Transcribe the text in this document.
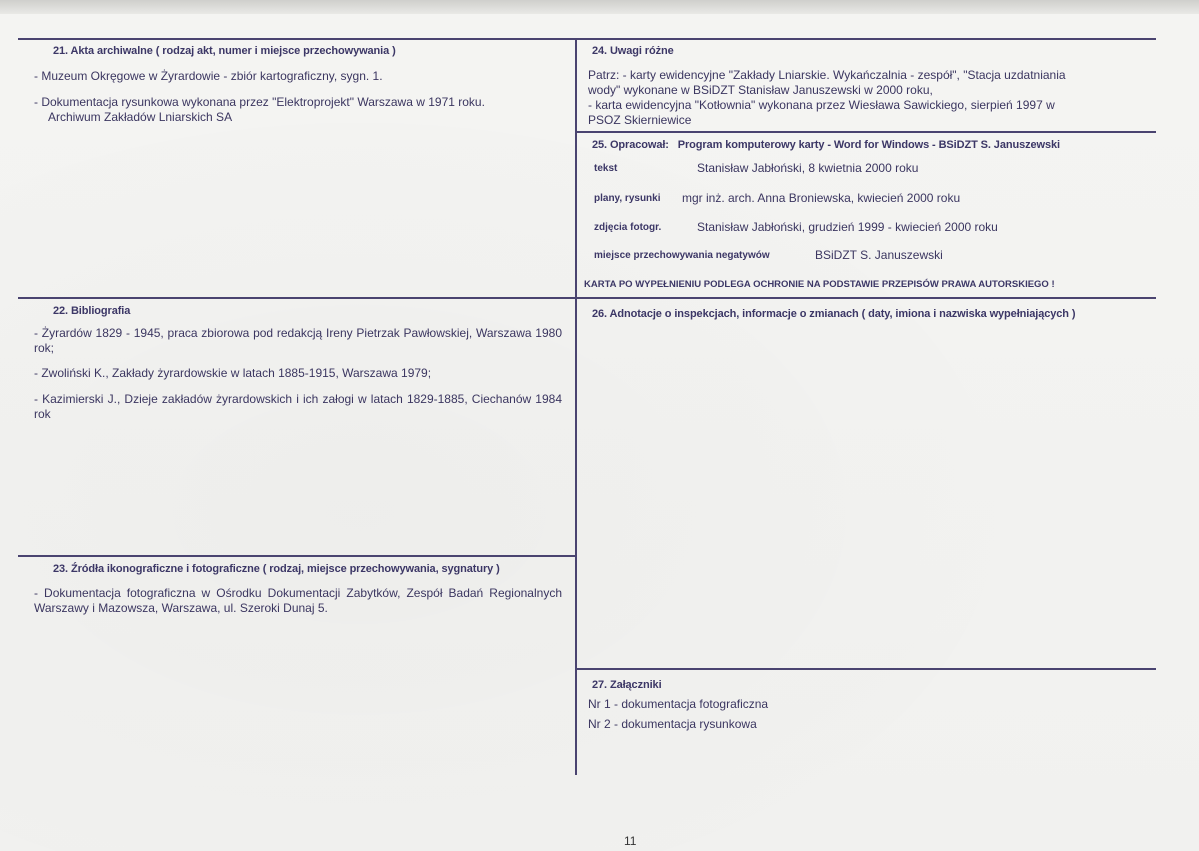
21. Akta archiwalne ( rodzaj akt, numer i miejsce przechowywania )
- Muzeum Okręgowe w Żyrardowie - zbiór kartograficzny, sygn. 1.
- Dokumentacja rysunkowa wykonana przez "Elektroprojekt" Warszawa w 1971 roku.
Archiwum Zakładów Lniarskich SA
22. Bibliografia
- Żyrardów 1829 - 1945, praca zbiorowa pod redakcją Ireny Pietrzak Pawłowskiej, Warszawa 1980 rok;
- Zwoliński K., Zakłady żyrardowskie w latach 1885-1915, Warszawa 1979;
- Kazimierski J., Dzieje zakładów żyrardowskich i ich załogi w latach 1829-1885, Ciechanów 1984 rok
23. Źródła ikonograficzne i fotograficzne ( rodzaj, miejsce przechowywania, sygnatury )
- Dokumentacja fotograficzna w Ośrodku Dokumentacji Zabytków, Zespół Badań Regionalnych Warszawy i Mazowsza, Warszawa, ul. Szeroki Dunaj 5.
24. Uwagi różne
Patrz: - karty ewidencyjne "Zakłady Lniarskie. Wykańczalnia - zespół", "Stacja uzdatniania
wody" wykonane w BSiDZT Stanisław Januszewski w 2000 roku,
- karta ewidencyjna "Kotłownia" wykonana przez Wiesława Sawickiego, sierpień 1997 w
PSOZ Skierniewice
25. Opracował:   Program komputerowy karty - Word for Windows - BSiDZT S. Januszewski
tekst	Stanisław Jabłoński, 8 kwietnia 2000 roku
plany, rysunki mgr inż. arch. Anna Broniewska, kwiecień 2000 roku
zdjęcia fotogr.	Stanisław Jabłoński, grudzień 1999 - kwiecień 2000 roku
miejsce przechowywania negatywów	BSiDZT S. Januszewski
KARTA PO WYPEŁNIENIU PODLEGA OCHRONIE NA PODSTAWIE PRZEPISÓW PRAWA AUTORSKIEGO !
26. Adnotacje o inspekcjach, informacje o zmianach ( daty, imiona i nazwiska wypełniających )
27. Załączniki
Nr 1 - dokumentacja fotograficzna
Nr 2 - dokumentacja rysunkowa
11
